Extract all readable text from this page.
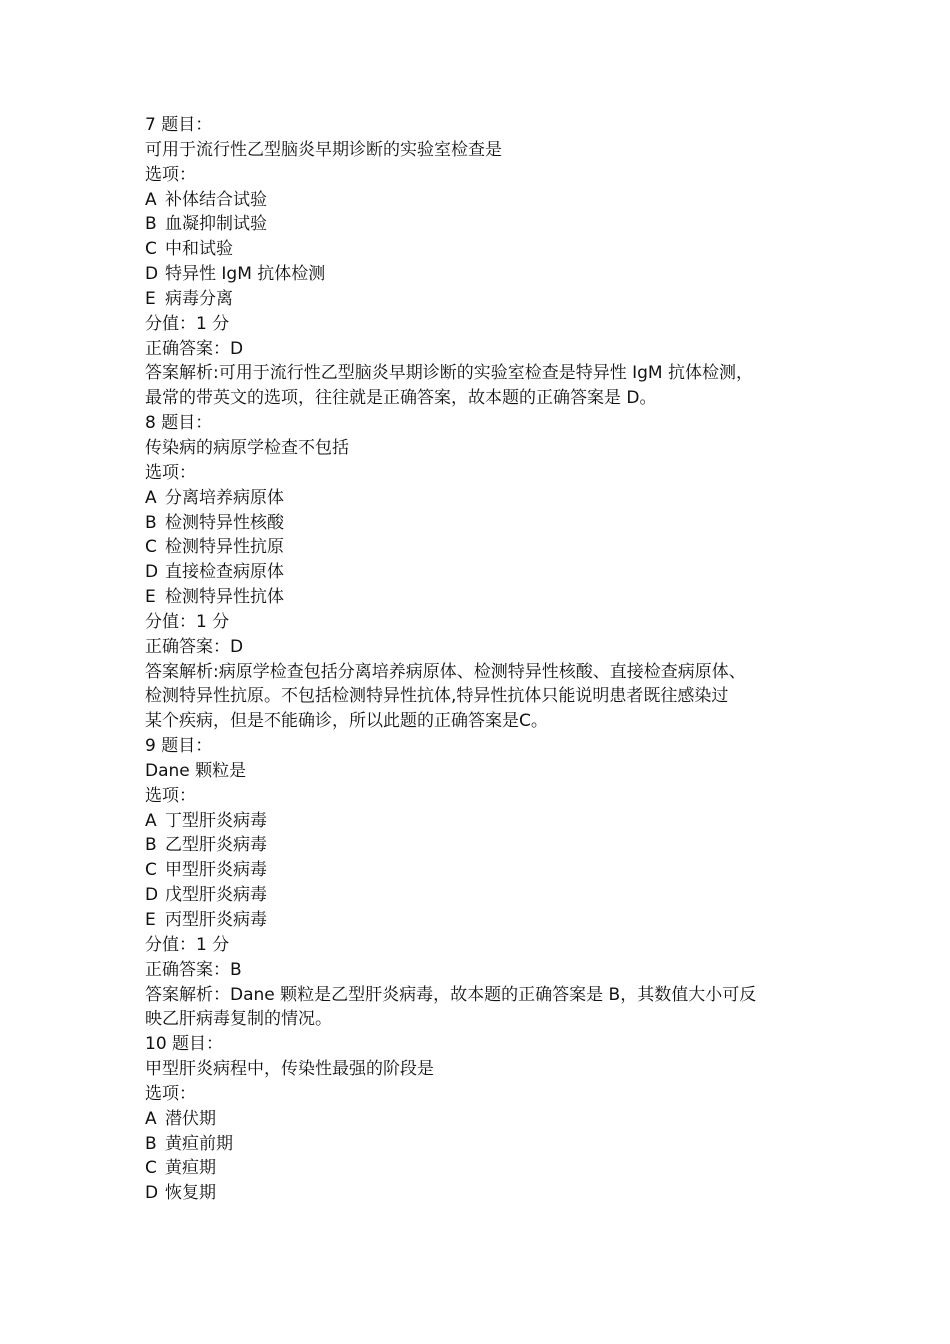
7 题目：
可用于流行性乙型脑炎早期诊断的实验室检查是
选项：
A 补体结合试验
B 血凝抑制试验
C 中和试验
D 特异性 IgM 抗体检测
E 病毒分离
分值：1 分
正确答案：D
答案解析:可用于流行性乙型脑炎早期诊断的实验室检查是特异性 IgM 抗体检测，
最常的带英文的选项，往往就是正确答案，故本题的正确答案是 D。
8 题目：
传染病的病原学检查不包括
选项：
A 分离培养病原体
B 检测特异性核酸
C 检测特异性抗原
D 直接检查病原体
E 检测特异性抗体
分值：1 分
正确答案：D
答案解析:病原学检查包括分离培养病原体、检测特异性核酸、直接检查病原体、
检测特异性抗原。不包括检测特异性抗体,特异性抗体只能说明患者既往感染过
某个疾病，但是不能确诊，所以此题的正确答案是C。
9 题目：
Dane 颗粒是
选项：
A 丁型肝炎病毒
B 乙型肝炎病毒
C 甲型肝炎病毒
D 戊型肝炎病毒
E 丙型肝炎病毒
分值：1 分
正确答案：B
答案解析：Dane 颗粒是乙型肝炎病毒，故本题的正确答案是 B，其数值大小可反
映乙肝病毒复制的情况。
10 题目：
甲型肝炎病程中，传染性最强的阶段是
选项：
A 潜伏期
B 黄疸前期
C 黄疸期
D 恢复期
